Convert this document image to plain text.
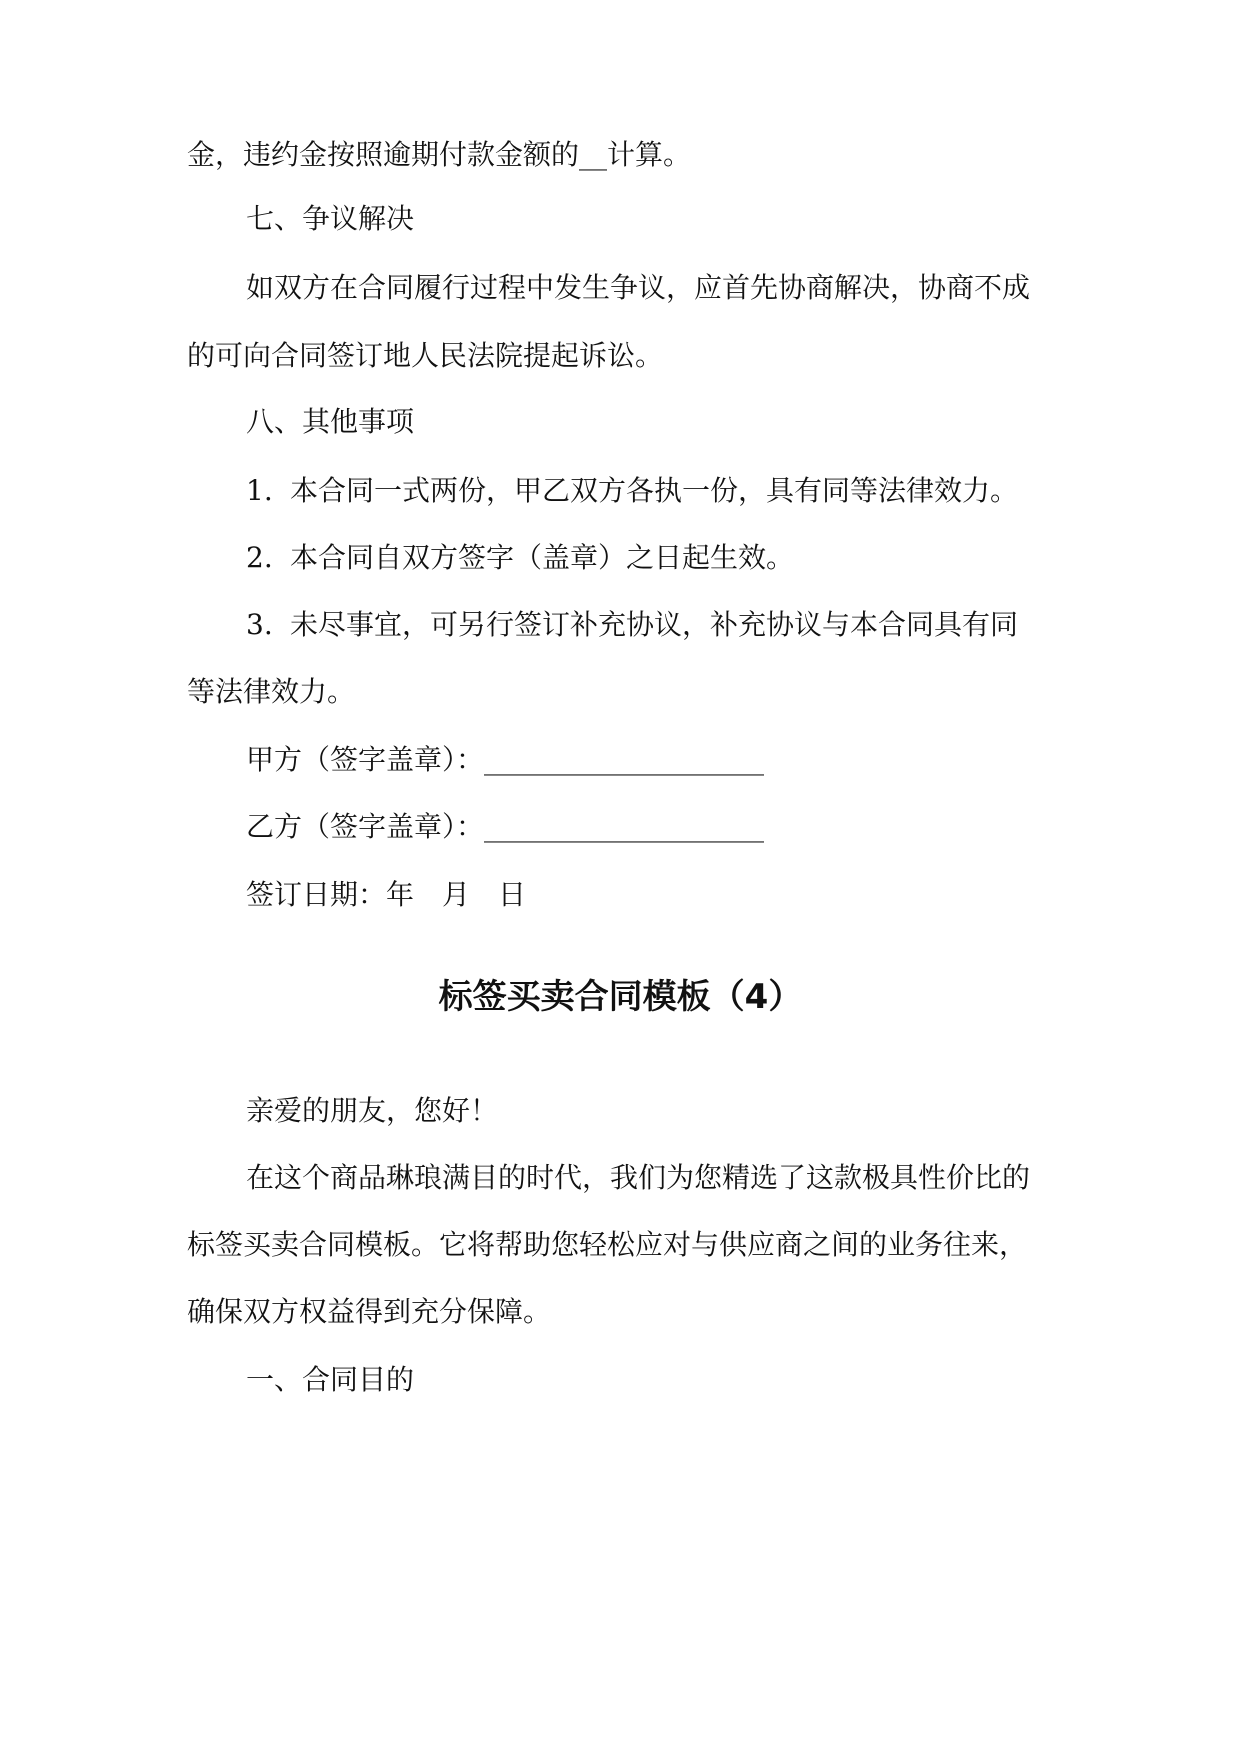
金，违约金按照逾期付款金额的__计算。
七、争议解决
如双方在合同履行过程中发生争议，应首先协商解决，协商不成
的可向合同签订地人民法院提起诉讼。
八、其他事项
1. 本合同一式两份，甲乙双方各执一份，具有同等法律效力。
2. 本合同自双方签字（盖章）之日起生效。
3. 未尽事宜，可另行签订补充协议，补充协议与本合同具有同
等法律效力。
甲方（签字盖章）：____________________
乙方（签字盖章）：____________________
签订日期：年　月　日
标签买卖合同模板（4）
亲爱的朋友，您好！
在这个商品琳琅满目的时代，我们为您精选了这款极具性价比的
标签买卖合同模板。它将帮助您轻松应对与供应商之间的业务往来，
确保双方权益得到充分保障。
一、合同目的
